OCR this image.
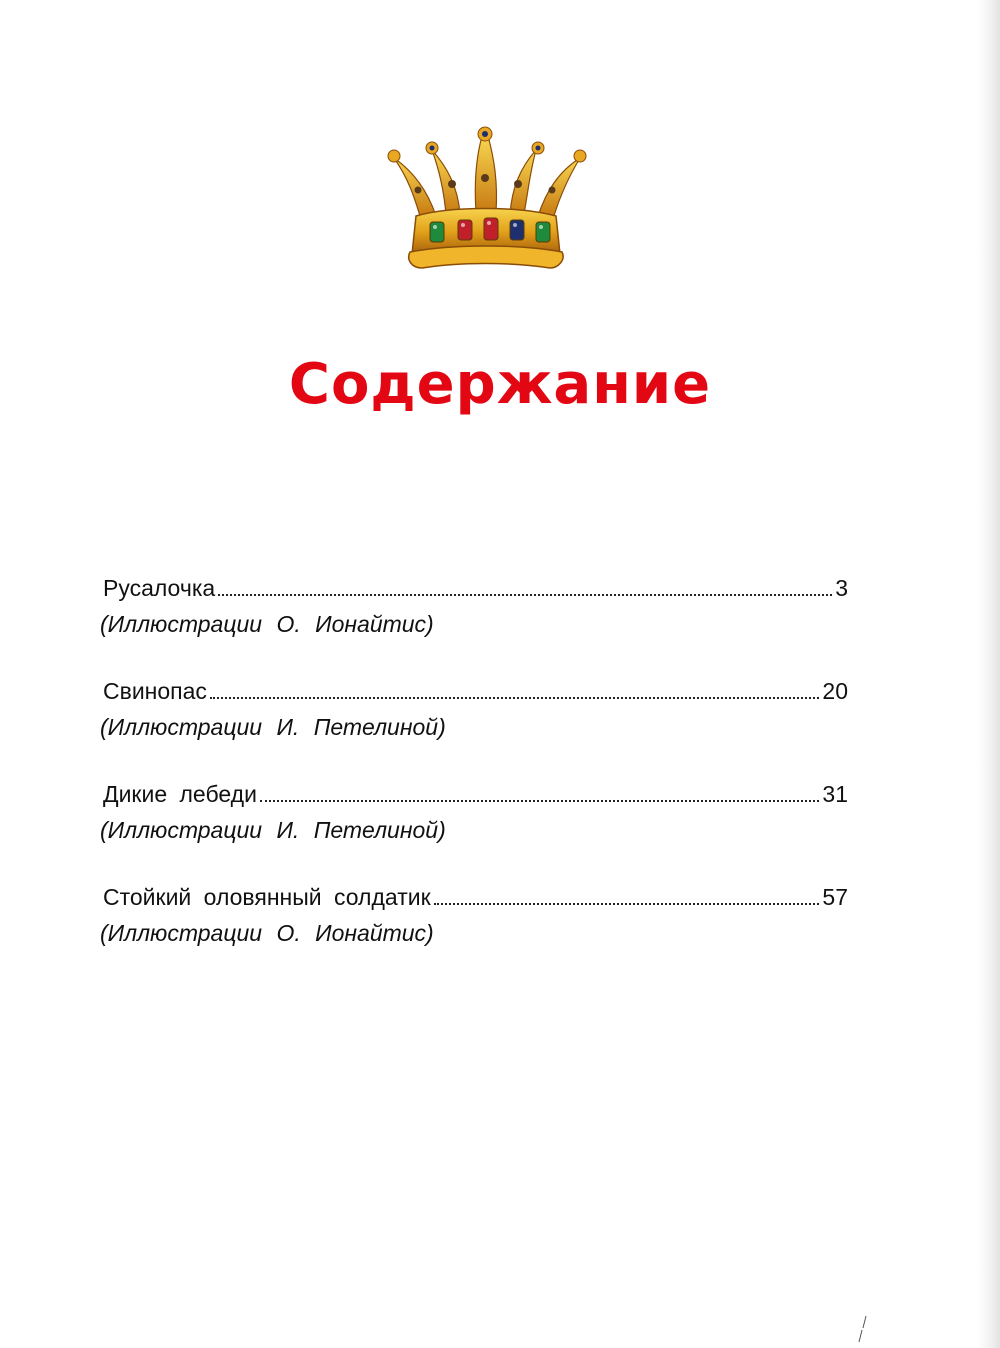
Содержание
Русалочка	3
(Иллюстрации О. Ионайтис)
Свинопас	20
(Иллюстрации И. Петелиной)
Дикие лебеди	31
(Иллюстрации И. Петелиной)
Стойкий оловянный солдатик	57
(Иллюстрации О. Ионайтис)
